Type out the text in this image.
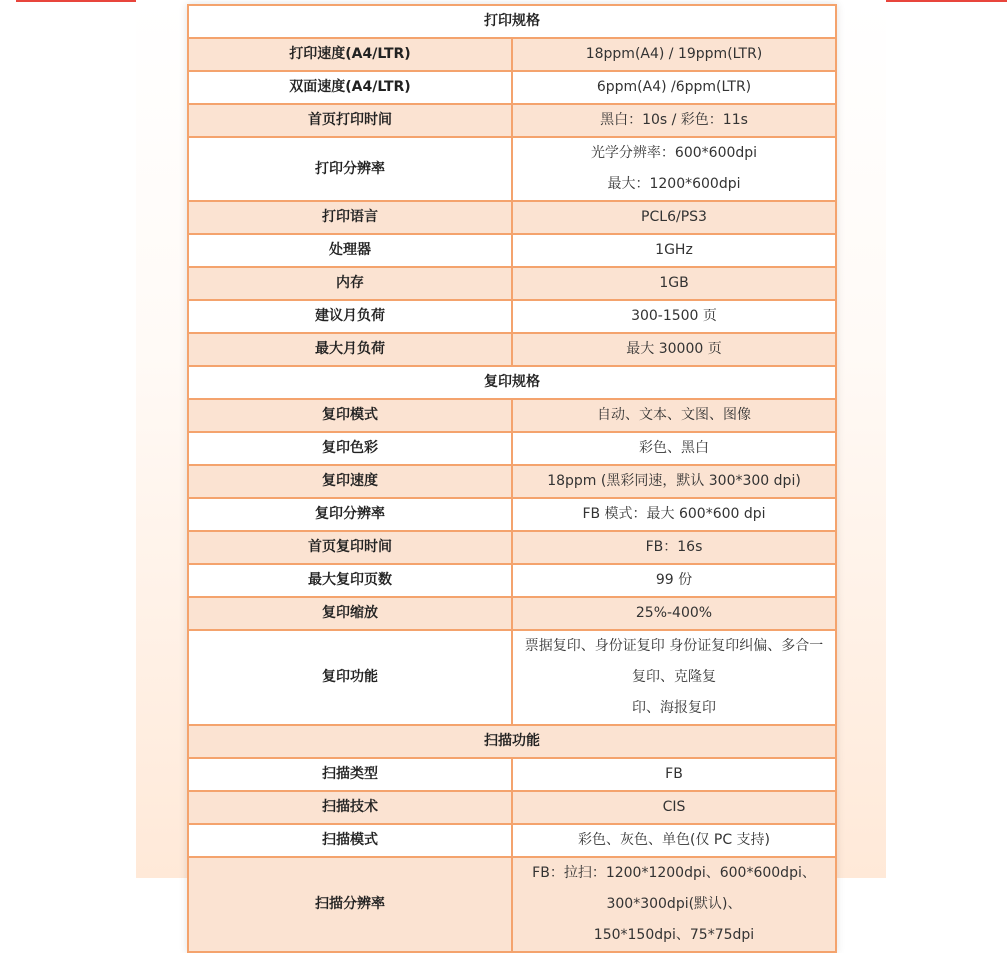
打印规格	
打印速度(A4/LTR)	18ppm(A4) / 19ppm(LTR)

双面速度(A4/LTR)	6ppm(A4) /6ppm(LTR)

首页打印时间	黑白：10s / 彩色：11s

打印分辨率	光学分辨率：600*600dpi
最大：1200*600dpi

打印语言	PCL6/PS3

处理器	1GHz

内存	1GB

建议月负荷	300-1500 页

最大月负荷	最大 30000 页

复印规格	
复印模式	自动、文本、文图、图像

复印色彩	彩色、黑白

复印速度	18ppm (黑彩同速，默认 300*300 dpi)

复印分辨率	FB 模式：最大 600*600 dpi

首页复印时间	FB：16s

最大复印页数	99 份

复印缩放	25%-400%

复印功能	票据复印、身份证复印 身份证复印纠偏、多合一复印、克隆复
印、海报复印

扫描功能	
扫描类型	FB

扫描技术	CIS

扫描模式	彩色、灰色、单色(仅 PC 支持)

扫描分辨率	FB：拉扫：1200*1200dpi、600*600dpi、300*300dpi(默认)、
150*150dpi、75*75dpi
